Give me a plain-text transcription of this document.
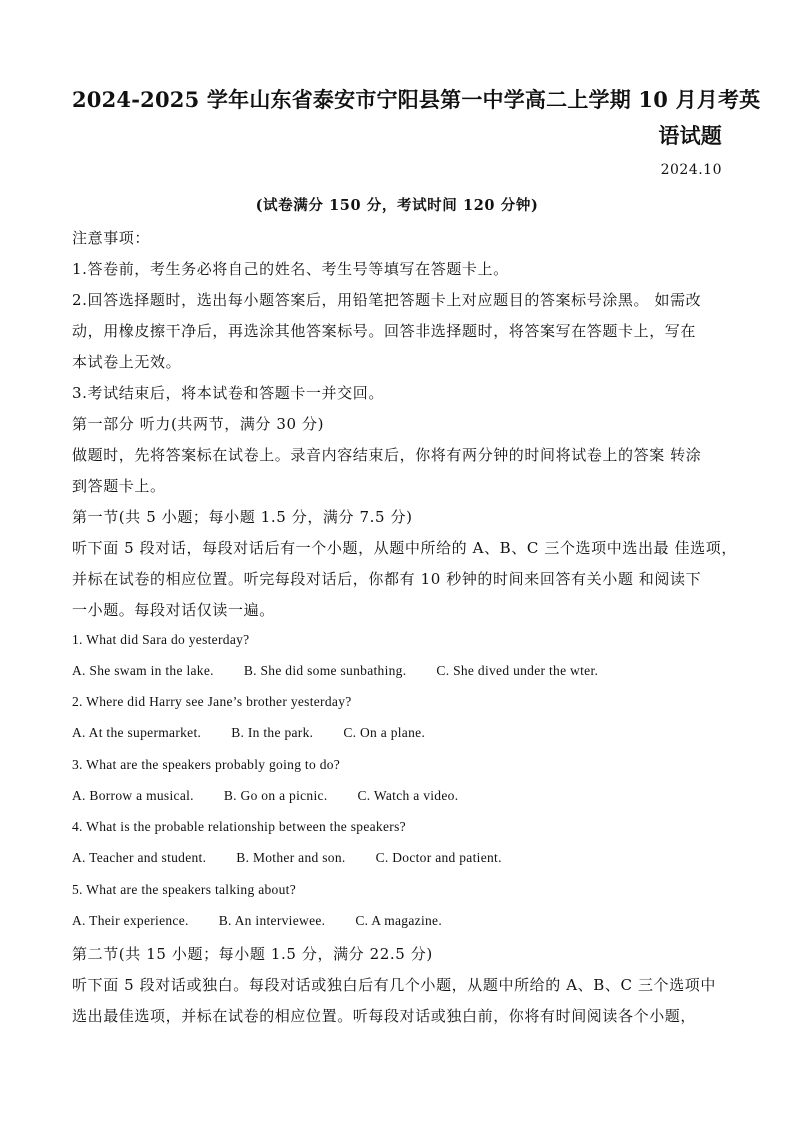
2024-2025 学年山东省泰安市宁阳县第一中学高二上学期 10 月月考英
语试题
2024.10
(试卷满分 150 分，考试时间 120 分钟)
注意事项：
1.答卷前，考生务必将自己的姓名、考生号等填写在答题卡上。
2.回答选择题时，选出每小题答案后，用铅笔把答题卡上对应题目的答案标号涂黑。 如需改
动，用橡皮擦干净后，再选涂其他答案标号。回答非选择题时，将答案写在答题卡上，写在
本试卷上无效。
3.考试结束后，将本试卷和答题卡一并交回。
第一部分 听力(共两节，满分 30 分)
做题时，先将答案标在试卷上。录音内容结束后，你将有两分钟的时间将试卷上的答案 转涂
到答题卡上。
第一节(共 5 小题；每小题 1.5 分，满分 7.5 分)
听下面 5 段对话，每段对话后有一个小题，从题中所给的 A、B、C 三个选项中选出最 佳选项，
并标在试卷的相应位置。听完每段对话后，你都有 10 秒钟的时间来回答有关小题 和阅读下
一小题。每段对话仅读一遍。
1. What did Sara do yesterday?
A. She swam in the lake. B. She did some sunbathing. C. She dived under the wter.
2. Where did Harry see Jane’s brother yesterday?
A. At the supermarket. B. In the park. C. On a plane.
3. What are the speakers probably going to do?
A. Borrow a musical. B. Go on a picnic. C. Watch a video.
4. What is the probable relationship between the speakers?
A. Teacher and student. B. Mother and son. C. Doctor and patient.
5. What are the speakers talking about?
A. Their experience. B. An interviewee. C. A magazine.
第二节(共 15 小题；每小题 1.5 分，满分 22.5 分)
听下面 5 段对话或独白。每段对话或独白后有几个小题，从题中所给的 A、B、C 三个选项中
选出最佳选项，并标在试卷的相应位置。听每段对话或独白前，你将有时间阅读各个小题，
